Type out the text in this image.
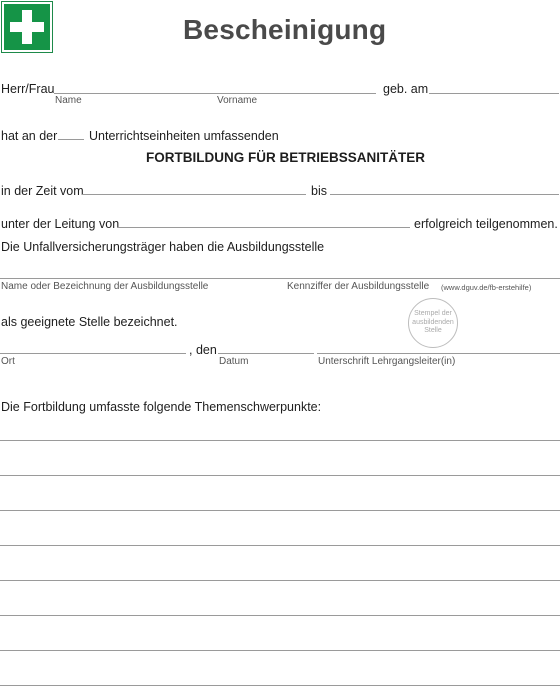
Bescheinigung
Herr/Frau	geb. am
Name	Vorname
hat an der	Unterrichtseinheiten umfassenden
FORTBILDUNG FÜR BETRIEBSSANITÄTER
in der Zeit vom	bis
unter der Leitung von	erfolgreich teilgenommen.
Die Unfallversicherungsträger haben die Ausbildungsstelle
Name oder Bezeichnung der Ausbildungsstelle	Kennziffer der Ausbildungsstelle (www.dguv.de/fb-erstehilfe)
Stempel der ausbildenden Stelle
als geeignete Stelle bezeichnet.
, den
Ort	Datum	Unterschrift Lehrgangsleiter(in)
Die Fortbildung umfasste folgende Themenschwerpunkte:
